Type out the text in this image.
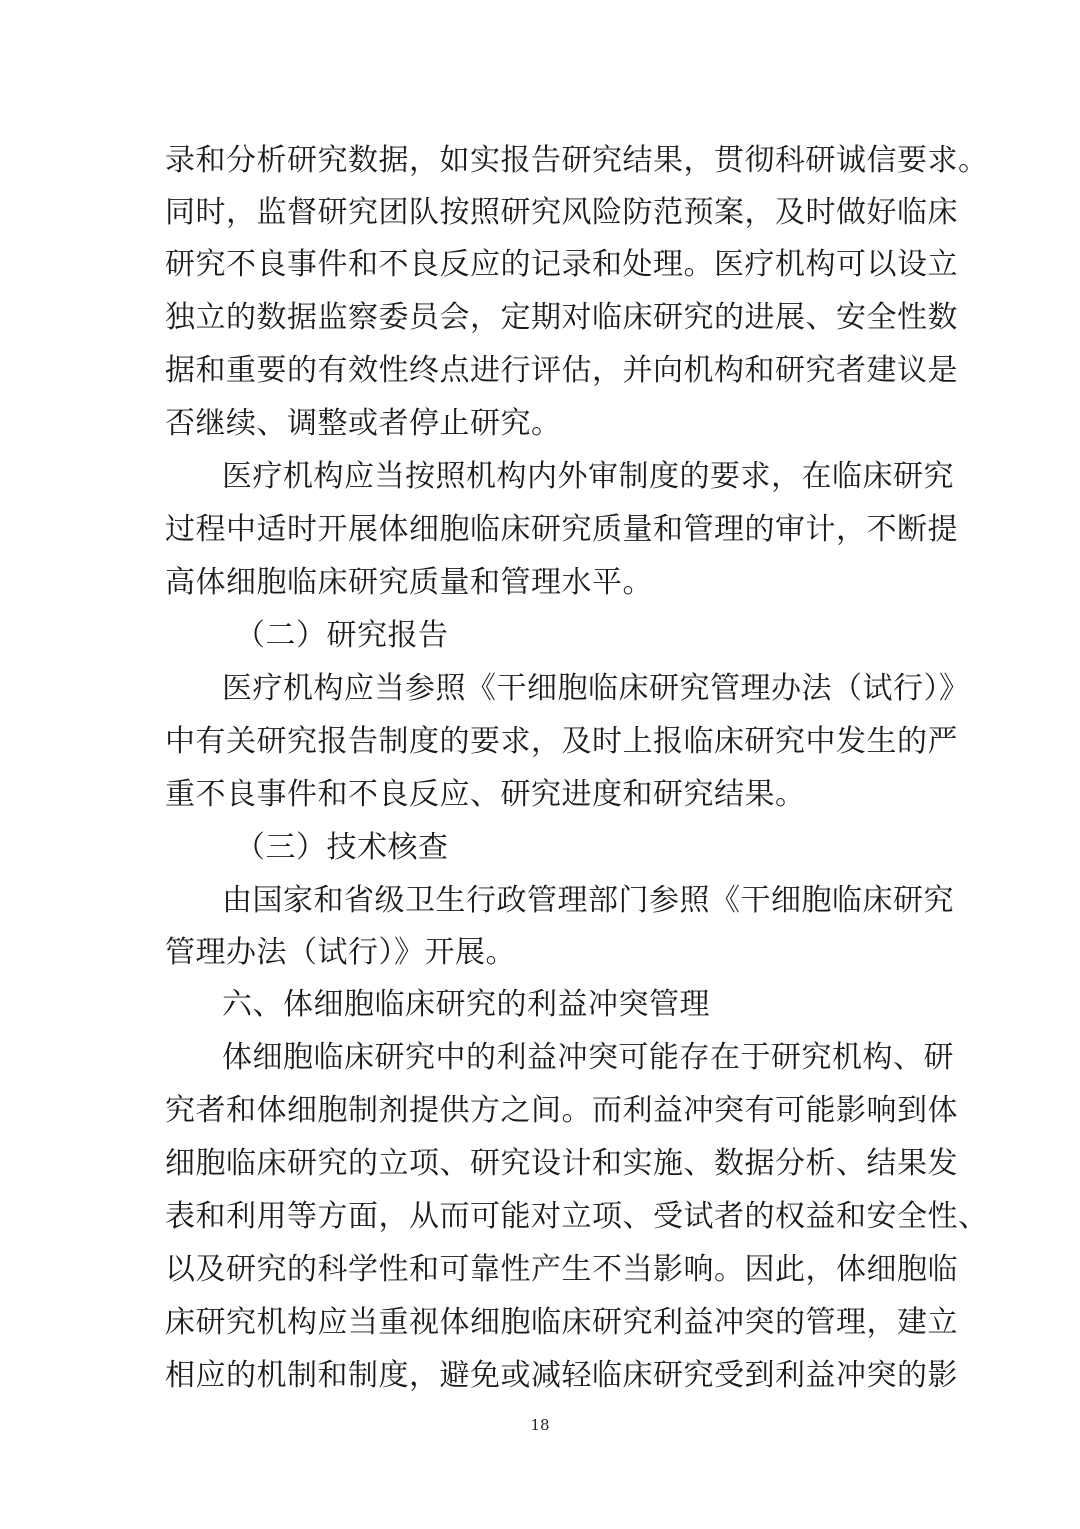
录和分析研究数据，如实报告研究结果，贯彻科研诚信要求。
同时，监督研究团队按照研究风险防范预案，及时做好临床
研究不良事件和不良反应的记录和处理。医疗机构可以设立
独立的数据监察委员会，定期对临床研究的进展、安全性数
据和重要的有效性终点进行评估，并向机构和研究者建议是
否继续、调整或者停止研究。
医疗机构应当按照机构内外审制度的要求，在临床研究
过程中适时开展体细胞临床研究质量和管理的审计，不断提
高体细胞临床研究质量和管理水平。
（二）研究报告
医疗机构应当参照《干细胞临床研究管理办法（试行）》
中有关研究报告制度的要求，及时上报临床研究中发生的严
重不良事件和不良反应、研究进度和研究结果。
（三）技术核查
由国家和省级卫生行政管理部门参照《干细胞临床研究
管理办法（试行）》开展。
六、体细胞临床研究的利益冲突管理
体细胞临床研究中的利益冲突可能存在于研究机构、研
究者和体细胞制剂提供方之间。而利益冲突有可能影响到体
细胞临床研究的立项、研究设计和实施、数据分析、结果发
表和利用等方面，从而可能对立项、受试者的权益和安全性、
以及研究的科学性和可靠性产生不当影响。因此，体细胞临
床研究机构应当重视体细胞临床研究利益冲突的管理，建立
相应的机制和制度，避免或减轻临床研究受到利益冲突的影
18
